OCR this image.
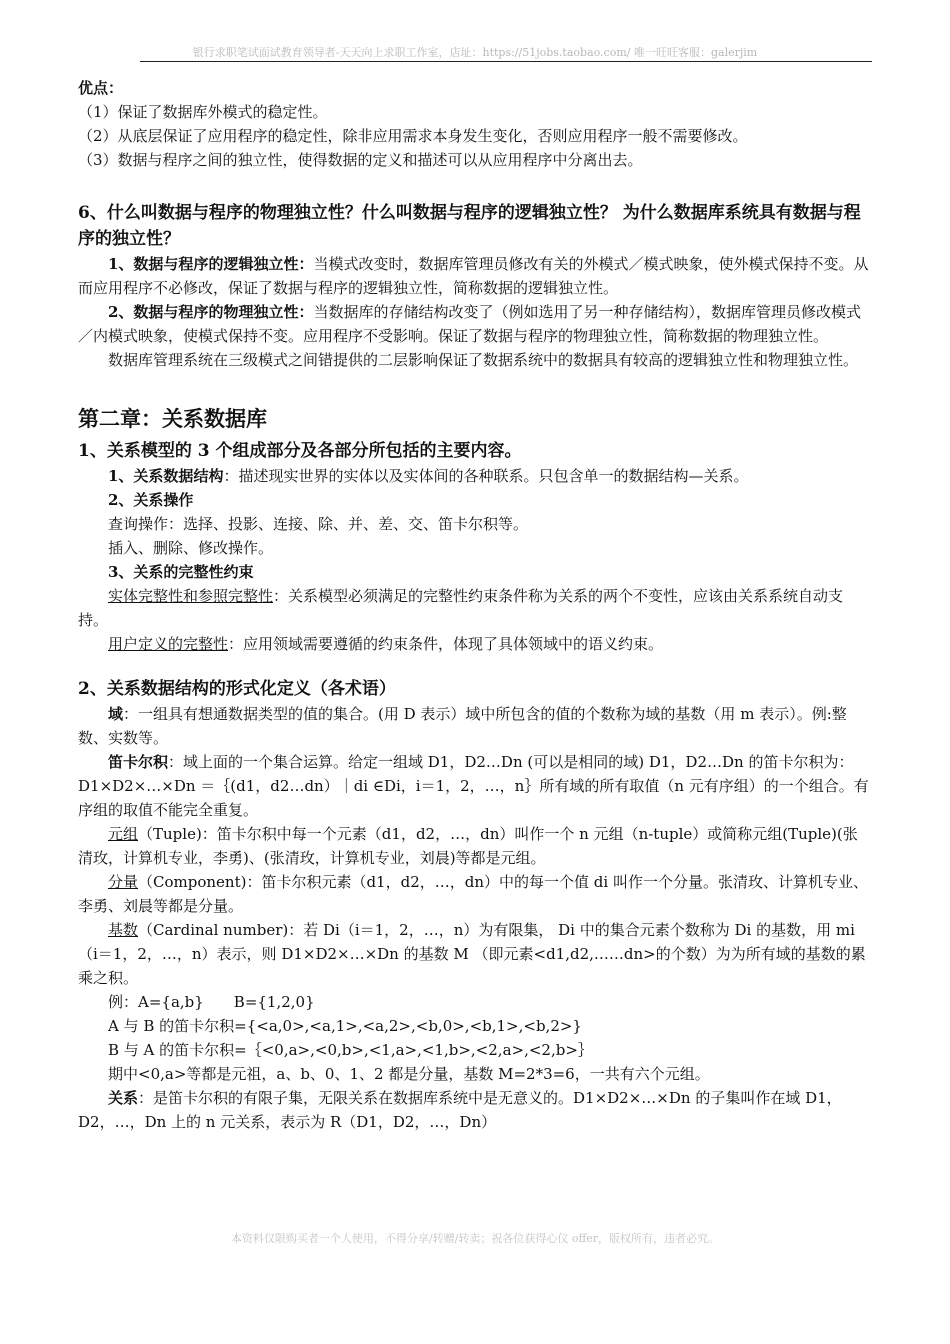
银行求职笔试面试教育领导者-天天向上求职工作室，店址：https://51jobs.taobao.com/ 唯一旺旺客服：galerjim

优点：

（1）保证了数据库外模式的稳定性。

（2）从底层保证了应用程序的稳定性，除非应用需求本身发生变化，否则应用程序一般不需要修改。

（3）数据与程序之间的独立性，使得数据的定义和描述可以从应用程序中分离出去。

6、什么叫数据与程序的物理独立性？什么叫数据与程序的逻辑独立性？ 为什么数据库系统具有数据与程序的独立性？

1、数据与程序的逻辑独立性：当模式改变时，数据库管理员修改有关的外模式／模式映象，使外模式保持不变。从而应用程序不必修改，保证了数据与程序的逻辑独立性，简称数据的逻辑独立性。

2、数据与程序的物理独立性：当数据库的存储结构改变了（例如选用了另一种存储结构），数据库管理员修改模式／内模式映象，使模式保持不变。应用程序不受影响。保证了数据与程序的物理独立性，简称数据的物理独立性。

数据库管理系统在三级模式之间错提供的二层影响保证了数据系统中的数据具有较高的逻辑独立性和物理独立性。

第二章：关系数据库

1、关系模型的 3 个组成部分及各部分所包括的主要内容。

1、关系数据结构：描述现实世界的实体以及实体间的各种联系。只包含单一的数据结构—关系。

2、关系操作

查询操作：选择、投影、连接、除、并、差、交、笛卡尔积等。

插入、删除、修改操作。

3、关系的完整性约束

实体完整性和参照完整性：关系模型必须满足的完整性约束条件称为关系的两个不变性，应该由关系系统自动支持。

用户定义的完整性：应用领域需要遵循的约束条件，体现了具体领域中的语义约束。

2、关系数据结构的形式化定义（各术语）

域：一组具有想通数据类型的值的集合。(用 D 表示）域中所包含的值的个数称为域的基数（用 m 表示）。例:整数、实数等。

笛卡尔积：域上面的一个集合运算。给定一组域 D1，D2…Dn (可以是相同的域) D1，D2…Dn 的笛卡尔积为：D1×D2×…×Dn ＝｛(d1，d2…dn）｜di ∈Di，i＝1，2，…，n｝所有域的所有取值（n 元有序组）的一个组合。有序组的取值不能完全重复。

元组（Tuple)：笛卡尔积中每一个元素（d1，d2，…，dn）叫作一个 n 元组（n-tuple）或简称元组(Tuple)(张清玫，计算机专业，李勇)、(张清玫，计算机专业，刘晨)等都是元组。

分量（Component)：笛卡尔积元素（d1，d2，…，dn）中的每一个值 di 叫作一个分量。张清玫、计算机专业、李勇、刘晨等都是分量。

基数（Cardinal number)：若 Di（i＝1，2，…，n）为有限集， Di 中的集合元素个数称为 Di 的基数，用 mi（i＝1，2，…，n）表示，则 D1×D2×…×Dn 的基数 M （即元素<d1,d2,……dn>的个数）为为所有域的基数的累乘之积。

例：A={a,b}　　B={1,2,0}

A 与 B 的笛卡尔积={<a,0>,<a,1>,<a,2>,<b,0>,<b,1>,<b,2>}

B 与 A 的笛卡尔积=｛<0,a>,<0,b>,<1,a>,<1,b>,<2,a>,<2,b>｝

期中<0,a>等都是元祖，a、b、0、1、2 都是分量，基数 M=2*3=6，一共有六个元组。

关系：是笛卡尔积的有限子集，无限关系在数据库系统中是无意义的。D1×D2×…×Dn 的子集叫作在域 D1，D2，…，Dn 上的 n 元关系，表示为 R（D1，D2，…，Dn）

本资料仅限购买者一个人使用，不得分享/转赠/转卖；祝各位获得心仪 offer，版权所有，违者必究。
